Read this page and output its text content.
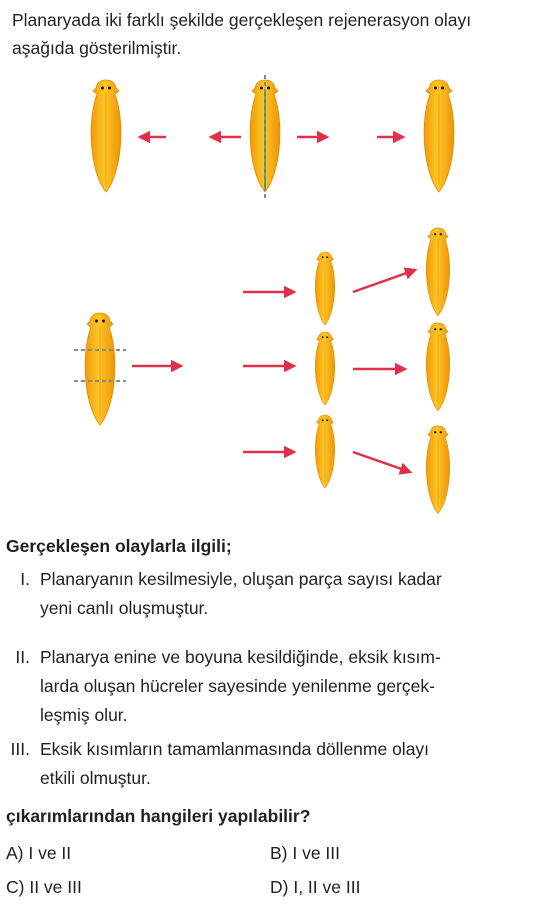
Planaryada iki farklı şekilde gerçekleşen rejenerasyon olayı aşağıda gösterilmiştir.

Gerçekleşen olaylarla ilgili;

I. Planaryanın kesilmesiyle, oluşan parça sayısı kadar
yeni canlı oluşmuştur.
II. Planarya enine ve boyuna kesildiğinde, eksik kısım-
larda oluşan hücreler sayesinde yenilenme gerçek-
leşmiş olur.
III. Eksik kısımların tamamlanmasında döllenme olayı
etkili olmuştur.

çıkarımlarından hangileri yapılabilir?

A) I ve II	B) I ve III
C) II ve III	D) I, II ve III
